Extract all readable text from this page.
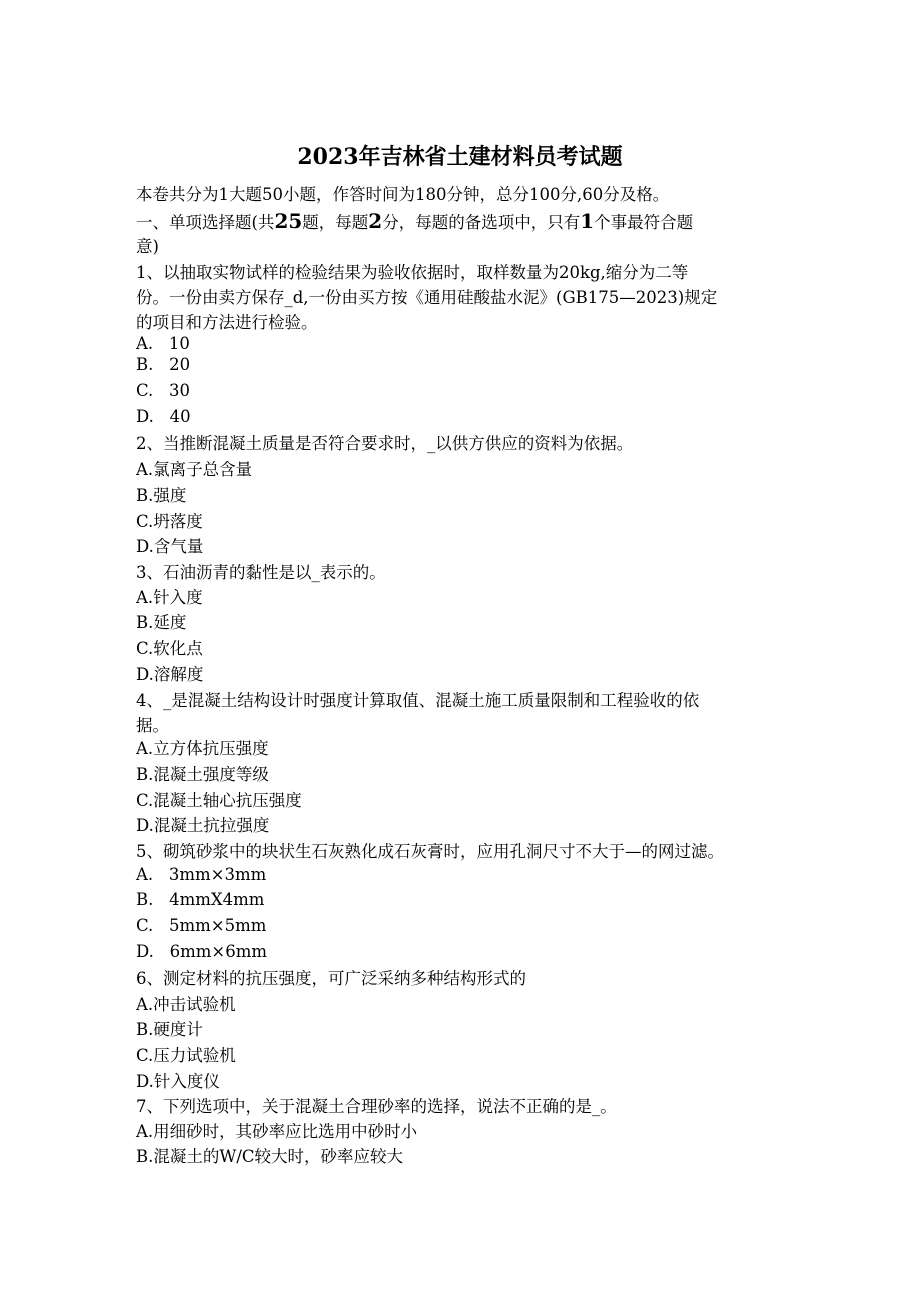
2023年吉林省土建材料员考试题
本卷共分为1大题50小题，作答时间为180分钟，总分100分,60分及格。
一、单项选择题(共25题，每题2分，每题的备选项中，只有1个事最符合题
意)
1、以抽取实物试样的检验结果为验收依据时，取样数量为20kg,缩分为二等
份。一份由卖方保存_d,一份由买方按《通用硅酸盐水泥》(GB175—2023)规定
的项目和方法进行检验。
A.   10
B.   20
C.   30
D.   40
2、当推断混凝土质量是否符合要求时，_以供方供应的资料为依据。
A.氯离子总含量
B.强度
C.坍落度
D.含气量
3、石油沥青的黏性是以_表示的。
A.针入度
B.延度
C.软化点
D.溶解度
4、_是混凝土结构设计时强度计算取值、混凝土施工质量限制和工程验收的依
据。
A.立方体抗压强度
B.混凝土强度等级
C.混凝土轴心抗压强度
D.混凝土抗拉强度
5、砌筑砂浆中的块状生石灰熟化成石灰膏时，应用孔洞尺寸不大于—的网过滤。
A.   3mm×3mm
B.   4mmX4mm
C.   5mm×5mm
D.   6mm×6mm
6、测定材料的抗压强度，可广泛采纳多种结构形式的
A.冲击试验机
B.硬度计
C.压力试验机
D.针入度仪
7、下列选项中，关于混凝土合理砂率的选择，说法不正确的是_。
A.用细砂时，其砂率应比选用中砂时小
B.混凝土的W/C较大时，砂率应较大
